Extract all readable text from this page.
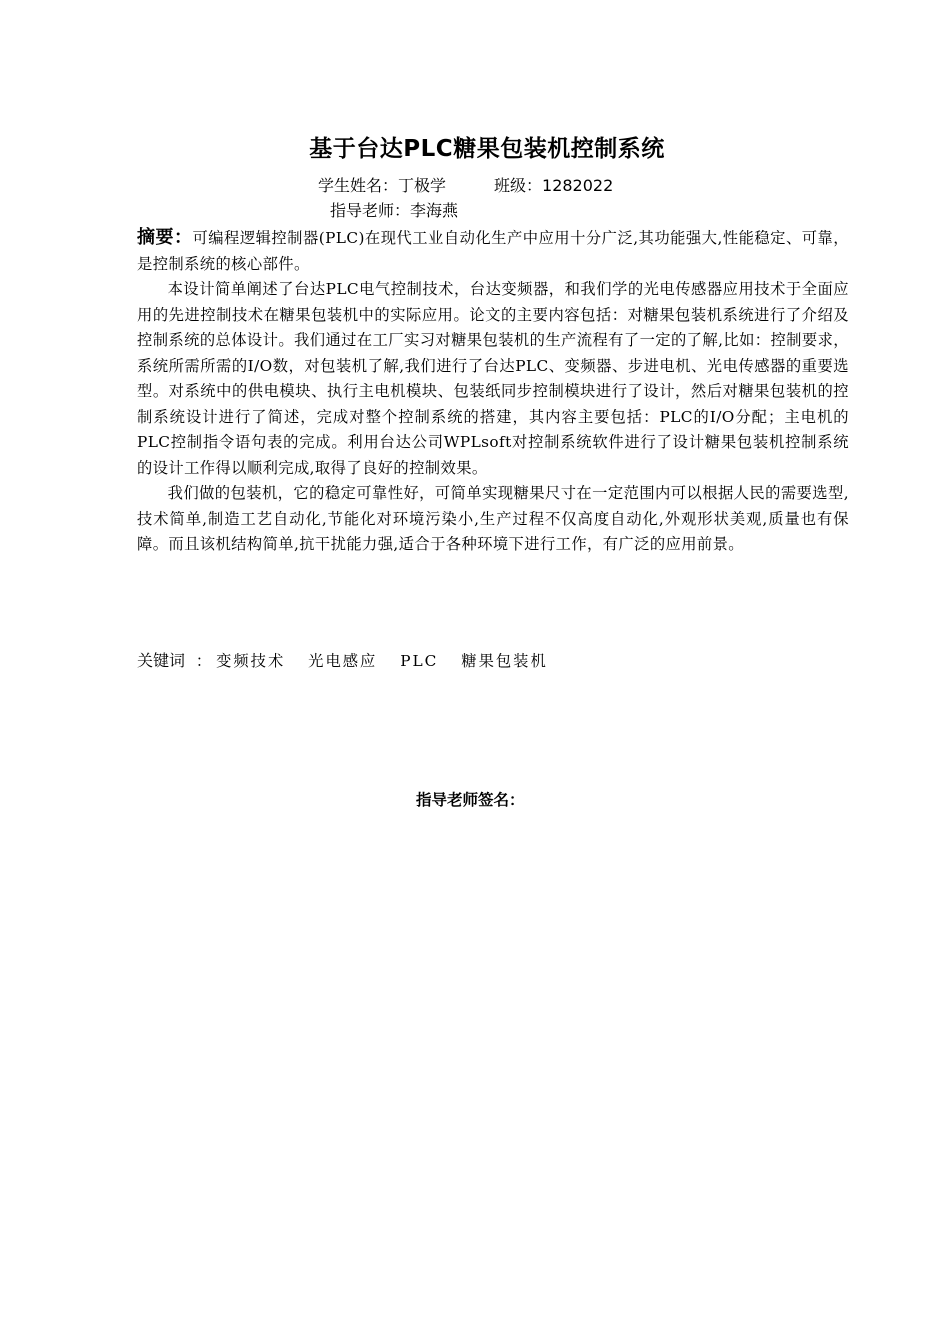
基于台达PLC糖果包装机控制系统
学生姓名：丁极学	班级：1282022
指导老师：李海燕

摘要：可编程逻辑控制器(PLC)在现代工业自动化生产中应用十分广泛,其功能强大,性能稳定、可靠，是控制系统的核心部件。

本设计简单阐述了台达PLC电气控制技术，台达变频器，和我们学的光电传感器应用技术于全面应用的先进控制技术在糖果包装机中的实际应用。论文的主要内容包括：对糖果包装机系统进行了介绍及控制系统的总体设计。我们通过在工厂实习对糖果包装机的生产流程有了一定的了解,比如：控制要求，系统所需所需的I/O数，对包装机了解,我们进行了台达PLC、变频器、步进电机、光电传感器的重要选型。对系统中的供电模块、执行主电机模块、包装纸同步控制模块进行了设计，然后对糖果包装机的控制系统设计进行了简述，完成对整个控制系统的搭建，其内容主要包括：PLC的I/O分配；主电机的PLC控制指令语句表的完成。利用台达公司WPLsoft对控制系统软件进行了设计糖果包装机控制系统的设计工作得以顺利完成,取得了良好的控制效果。

我们做的包装机，它的稳定可靠性好，可简单实现糖果尺寸在一定范围内可以根据人民的需要选型,技术简单,制造工艺自动化,节能化对环境污染小,生产过程不仅高度自动化,外观形状美观,质量也有保障。而且该机结构简单,抗干扰能力强,适合于各种环境下进行工作，有广泛的应用前景。

关键词 ： 变频技术 光电感应 PLC 糖果包装机
指导老师签名：
